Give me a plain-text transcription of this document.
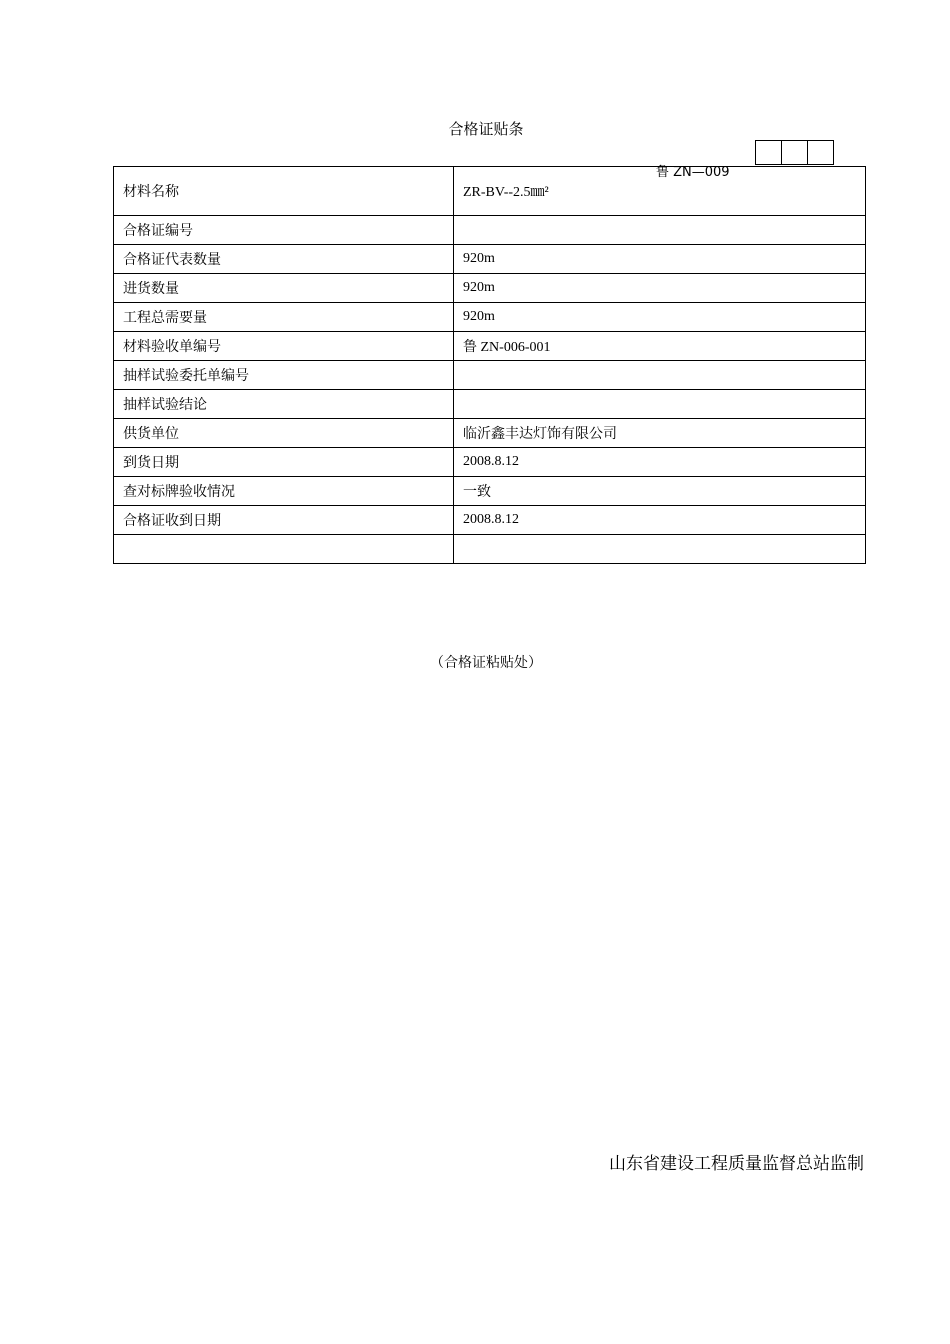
合格证贴条
鲁 ZN—009
材料名称	ZR-BV--2.5㎜²
合格证编号	
合格证代表数量	920m
进货数量	920m
工程总需要量	920m
材料验收单编号	鲁 ZN-006-001
抽样试验委托单编号	
抽样试验结论	
供货单位	临沂鑫丰达灯饰有限公司
到货日期	2008.8.12
查对标牌验收情况	一致
合格证收到日期	2008.8.12

（合格证粘贴处）
山东省建设工程质量监督总站监制
